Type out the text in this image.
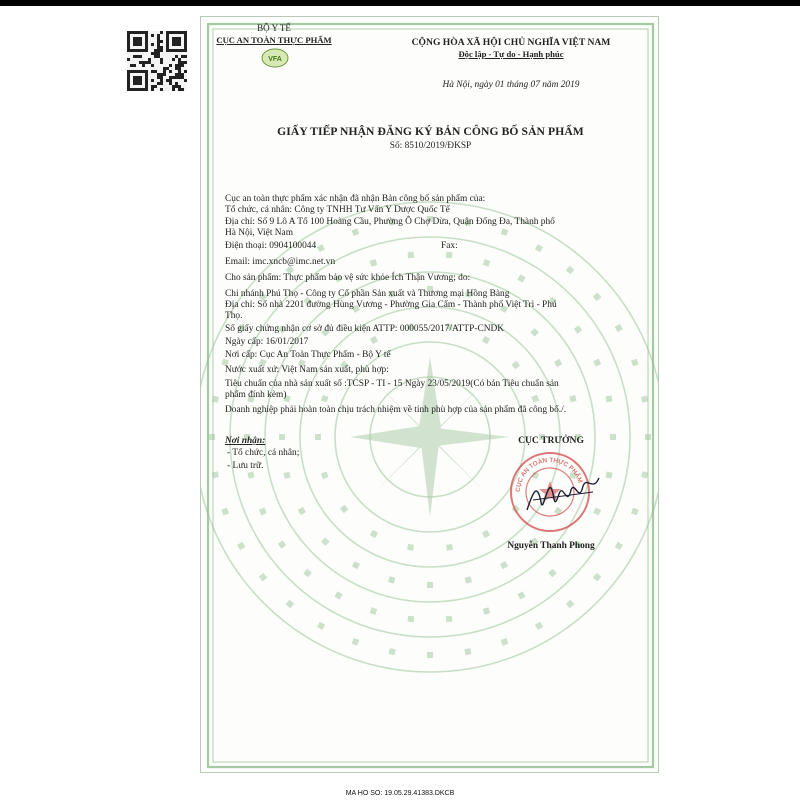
BỘ Y TẾ
CỤC AN TOÀN THỰC PHẨM
VFA
CỘNG HÒA XÃ HỘI CHỦ NGHĨA VIỆT NAM
Độc lập - Tự do - Hạnh phúc
Hà Nội, ngày 01 tháng 07 năm 2019
GIẤY TIẾP NHẬN ĐĂNG KÝ BẢN CÔNG BỐ SẢN PHẨM
Số: 8510/2019/ĐKSP
Cục an toàn thực phẩm xác nhận đã nhận Bản công bố sản phẩm của:
Tổ chức, cá nhân: Công ty TNHH Tư Vấn Y Dược Quốc Tế
Địa chỉ: Số 9 Lô A Tổ 100 Hoàng Cầu, Phường Ô Chợ Dừa, Quận Đống Đa, Thành phố
Hà Nội, Việt Nam
Điện thoại: 0904100044	Fax:
Email: imc.xncb@imc.net.vn
Cho sản phẩm: Thực phẩm bảo vệ sức khỏe Ích Thận Vương; do:
Chi nhánh Phú Thọ - Công ty Cổ phần Sản xuất và Thương mại Hồng Bàng
Địa chỉ: Số nhà 2201 đường Hùng Vương - Phường Gia Cẩm - Thành phố Việt Trì - Phú
Thọ.
Số giấy chứng nhận cơ sở đủ điều kiện ATTP: 000055/2017/ATTP-CNDK
Ngày cấp: 16/01/2017
Nơi cấp: Cục An Toàn Thực Phẩm - Bộ Y tế
Nước xuất xứ: Việt Nam sản xuất, phù hợp:
Tiêu chuẩn của nhà sản xuất số :TCSP - TI - 15 Ngày 23/05/2019(Có bản Tiêu chuẩn sản
phẩm đính kèm)
Doanh nghiệp phải hoàn toàn chịu trách nhiệm về tính phù hợp của sản phẩm đã công bố./.
Nơi nhận:
- Tổ chức, cá nhân;
- Lưu trữ.
CỤC TRƯỞNG
CỤC AN TOÀN THỰC PHẨM
Nguyễn Thanh Phong
MA HO SO: 19.05.29.41383.DKCB
